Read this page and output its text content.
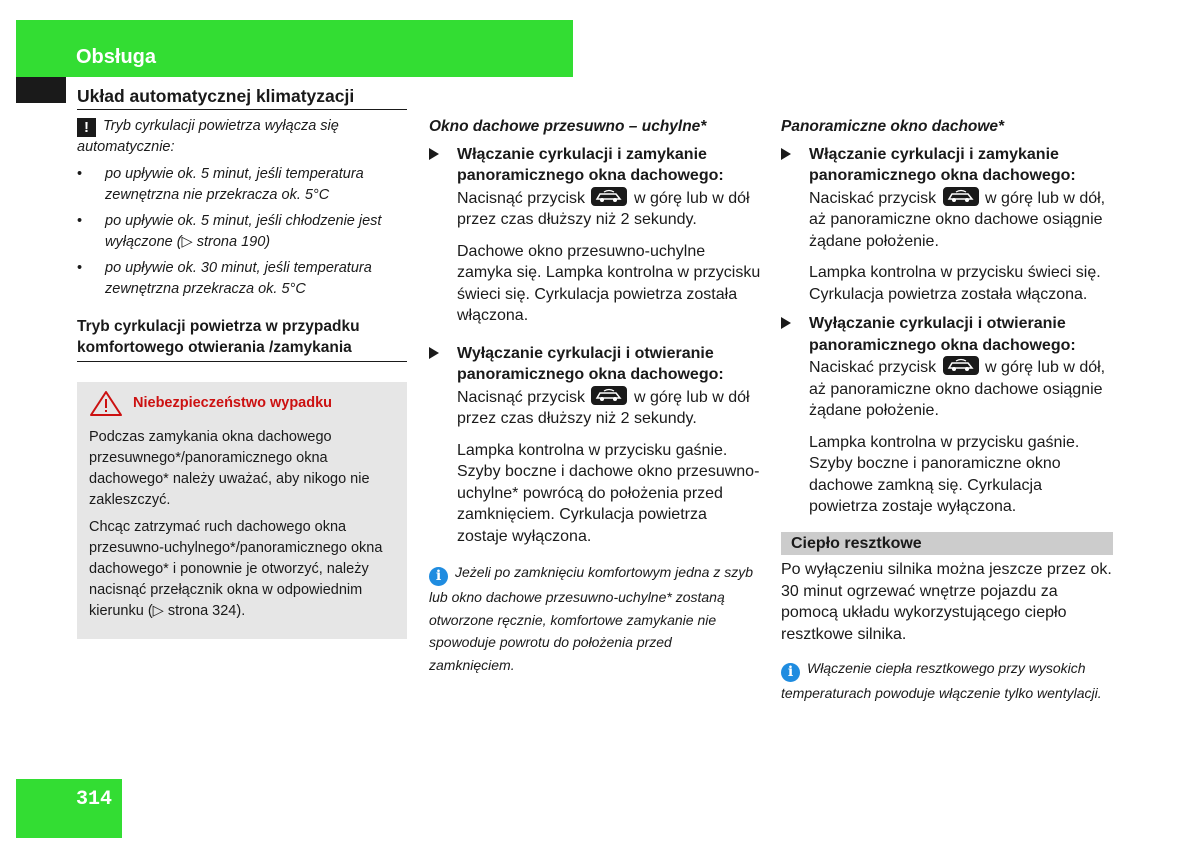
Obsługa
Układ automatycznej klimatyzacji
! Tryb cyrkulacji powietrza wyłącza się automatycznie:
• po upływie ok. 5 minut, jeśli temperatura zewnętrzna nie przekracza ok. 5°C
• po upływie ok. 5 minut, jeśli chłodzenie jest wyłączone (▷ strona 190)
• po upływie ok. 30 minut, jeśli temperatura zewnętrzna przekracza ok. 5°C
Tryb cyrkulacji powietrza w przypadku komfortowego otwierania /zamykania
Niebezpieczeństwo wypadku

Podczas zamykania okna dachowego przesuwnego*/panoramicznego okna dachowego* należy uważać, aby nikogo nie zakleszczyć.

Chcąc zatrzymać ruch dachowego okna przesuwno-uchylnego*/panoramicznego okna dachowego* i ponownie je otworzyć, należy nacisnąć przełącznik okna w odpowiednim kierunku (▷ strona 324).

Okno dachowe przesuwno – uchylne*
Włączanie cyrkulacji i zamykanie panoramicznego okna dachowego:
Nacisnąć przycisk	w górę lub w dół przez czas dłuższy niż 2 sekundy.
Dachowe okno przesuwno-uchylne zamyka się. Lampka kontrolna w przycisku świeci się. Cyrkulacja powietrza została włączona.
Wyłączanie cyrkulacji i otwieranie panoramicznego okna dachowego:
Nacisnąć przycisk	w górę lub w dół przez czas dłuższy niż 2 sekundy.
Lampka kontrolna w przycisku gaśnie. Szyby boczne i dachowe okno przesuwno-uchylne* powrócą do położenia przed zamknięciem. Cyrkulacja powietrza zostaje wyłączona.
i Jeżeli po zamknięciu komfortowym jedna z szyb lub okno dachowe przesuwno-uchylne* zostaną otworzone ręcznie, komfortowe zamykanie nie spowoduje powrotu do położenia przed zamknięciem.
Panoramiczne okno dachowe*
Włączanie cyrkulacji i zamykanie panoramicznego okna dachowego:
Naciskać przycisk	w górę lub w dół, aż panoramiczne okno dachowe osiągnie żądane położenie.
Lampka kontrolna w przycisku świeci się. Cyrkulacja powietrza została włączona.
Wyłączanie cyrkulacji i otwieranie panoramicznego okna dachowego:
Naciskać przycisk	w górę lub w dół, aż panoramiczne okno dachowe osiągnie żądane położenie.
Lampka kontrolna w przycisku gaśnie. Szyby boczne i panoramiczne okno dachowe zamkną się. Cyrkulacja powietrza zostaje wyłączona.
Ciepło resztkowe
Po wyłączeniu silnika można jeszcze przez ok. 30 minut ogrzewać wnętrze pojazdu za pomocą układu wykorzystującego ciepło resztkowe silnika.
i Włączenie ciepła resztkowego przy wysokich temperaturach powoduje włączenie tylko wentylacji.
314
